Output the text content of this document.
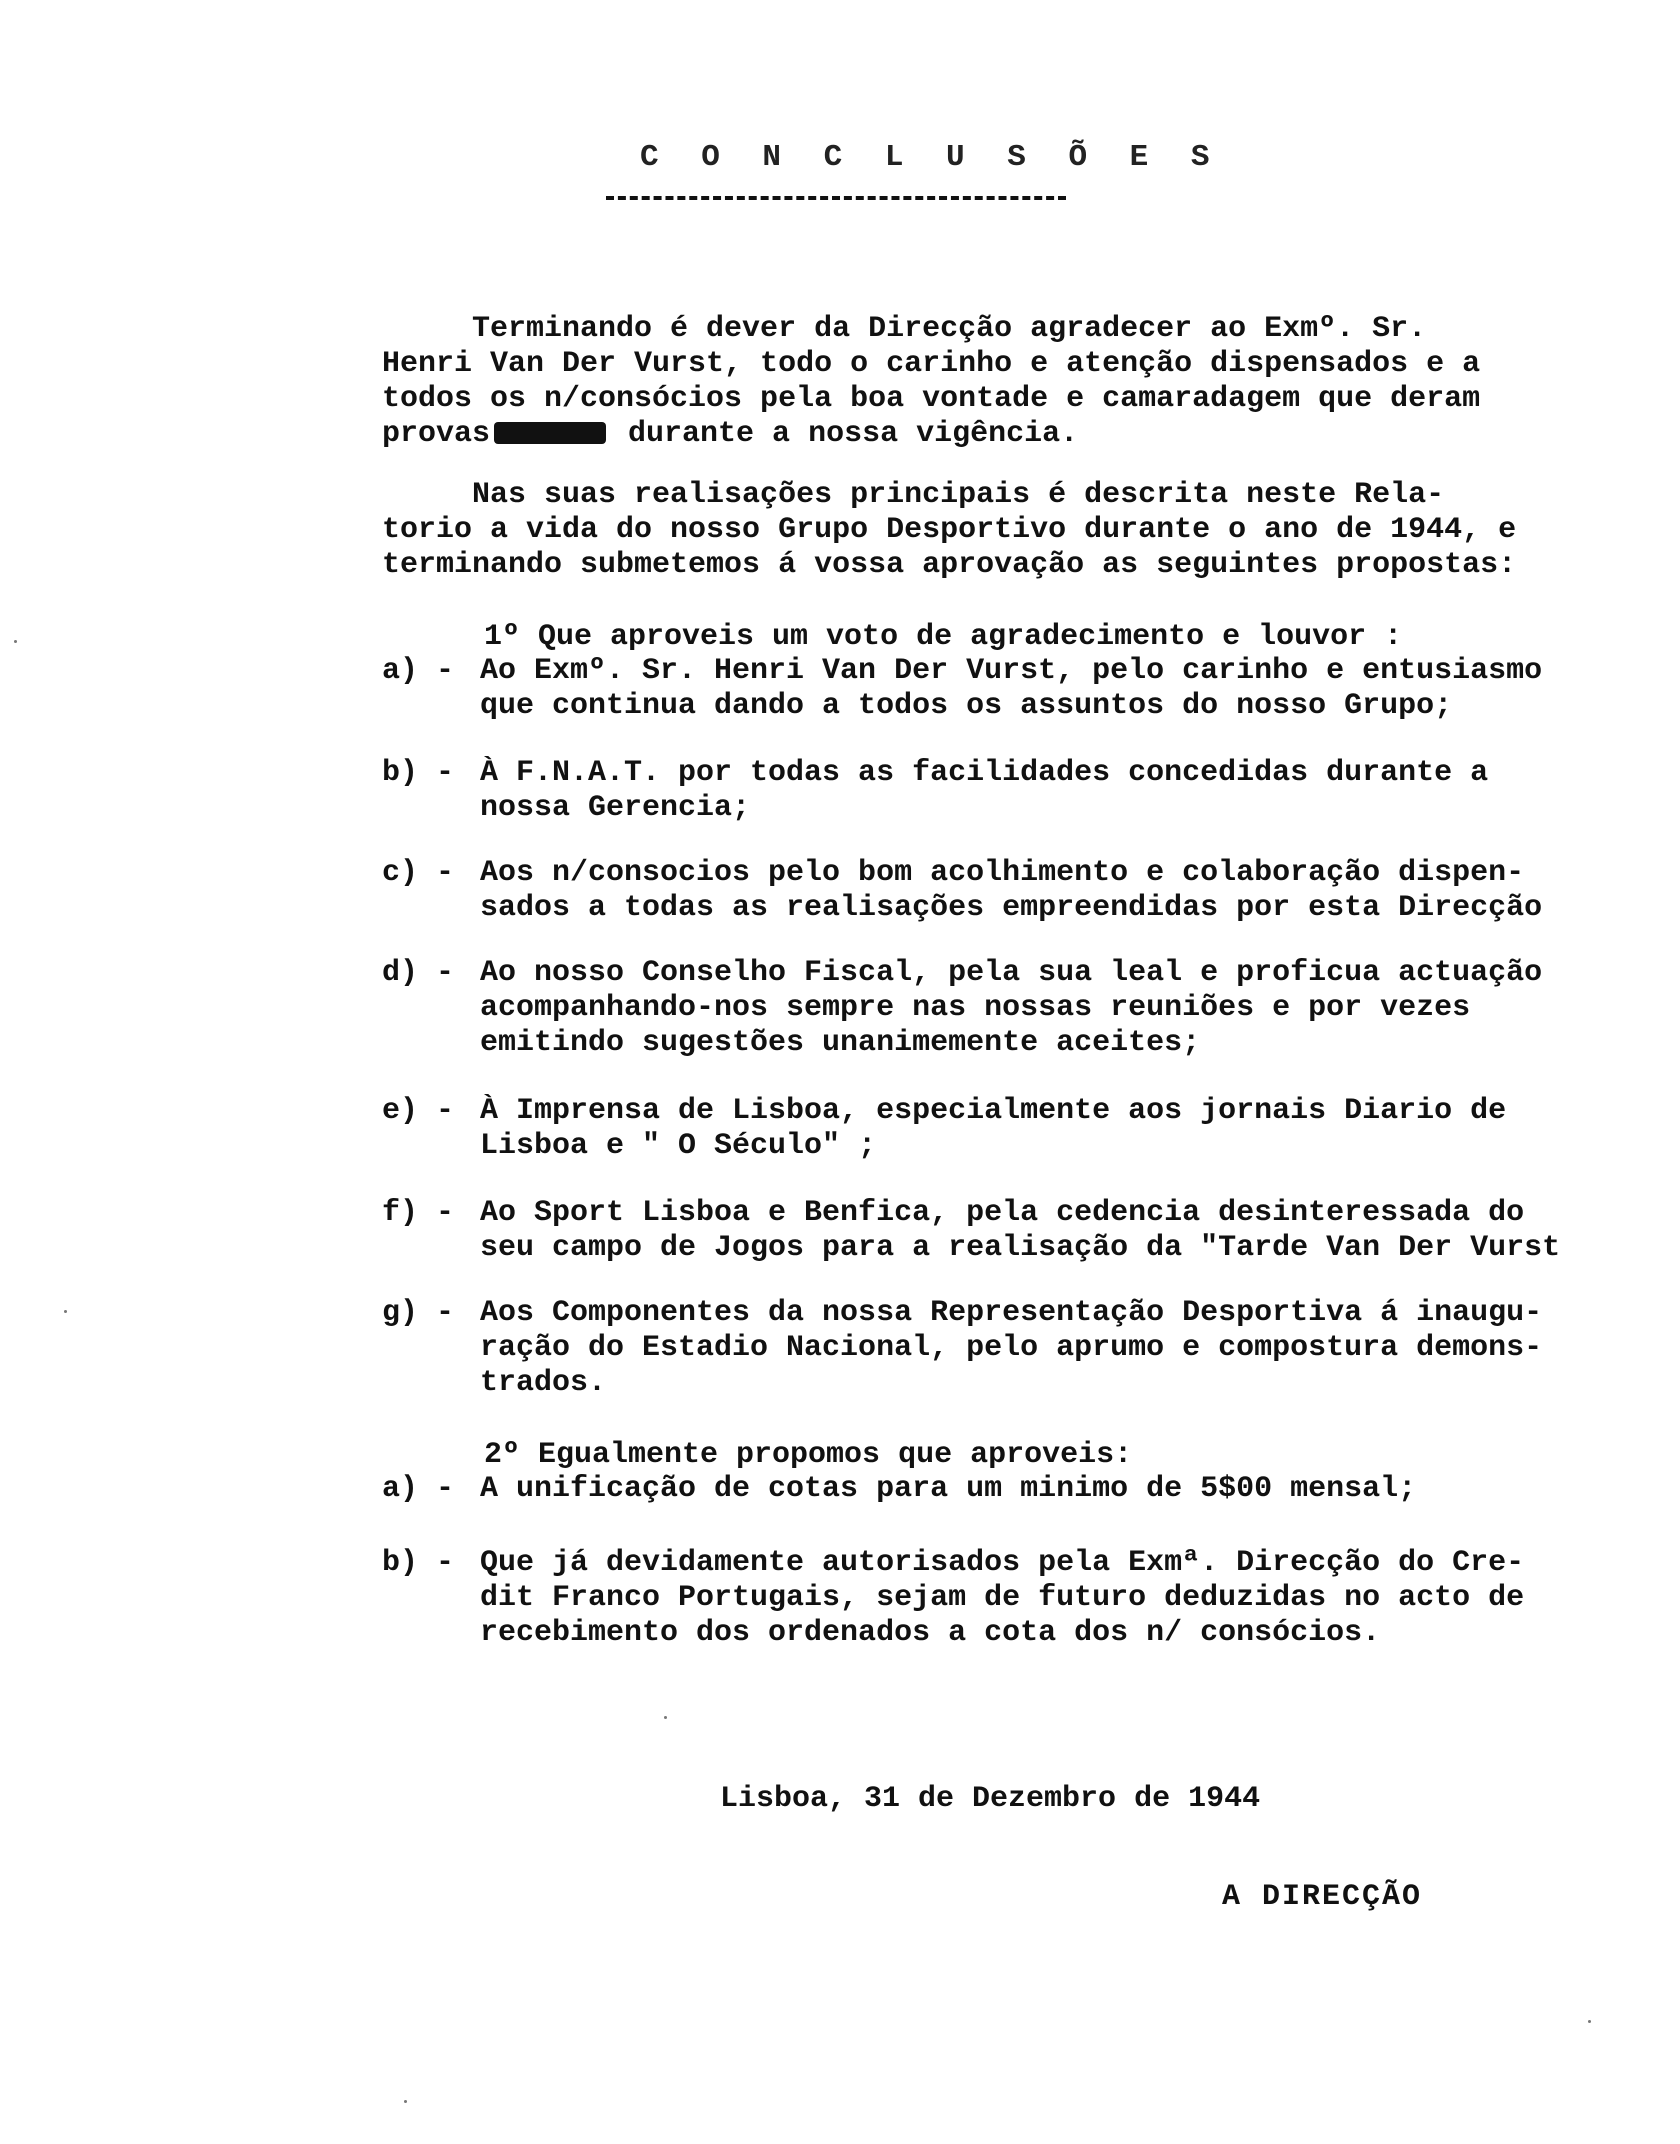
C O N C L U S Õ E S
Terminando é dever da Direcção agradecer ao Exmº. Sr.
Henri Van Der Vurst, todo o carinho e atenção dispensados e a
todos os n/consócios pela boa vontade e camaradagem que deram
provas	durante a nossa vigência.
Nas suas realisações principais é descrita neste Rela-
torio a vida do nosso Grupo Desportivo durante o ano de 1944, e
terminando submetemos á vossa aprovação as seguintes propostas:
1º Que aproveis um voto de agradecimento e louvor :
a) - Ao Exmº. Sr. Henri Van Der Vurst, pelo carinho e entusiasmo
que continua dando a todos os assuntos do nosso Grupo;
b) - À F.N.A.T. por todas as facilidades concedidas durante a
nossa Gerencia;
c) - Aos n/consocios pelo bom acolhimento e colaboração dispen-
sados a todas as realisações empreendidas por esta Direcção
d) - Ao nosso Conselho Fiscal, pela sua leal e proficua actuação
acompanhando-nos sempre nas nossas reuniões e por vezes
emitindo sugestões unanimemente aceites;
e) - À Imprensa de Lisboa, especialmente aos jornais Diario de
Lisboa e " O Século" ;
f) - Ao Sport Lisboa e Benfica, pela cedencia desinteressada do
seu campo de Jogos para a realisação da "Tarde Van Der Vurst
g) - Aos Componentes da nossa Representação Desportiva á inaugu-
ração do Estadio Nacional, pelo aprumo e compostura demons-
trados.
2º Egualmente propomos que aproveis:
a) - A unificação de cotas para um minimo de 5$00 mensal;
b) - Que já devidamente autorisados pela Exmª. Direcção do Cre-
dit Franco Portugais, sejam de futuro deduzidas no acto de
recebimento dos ordenados a cota dos n/ consócios.
Lisboa, 31 de Dezembro de 1944
A DIRECÇÃO
